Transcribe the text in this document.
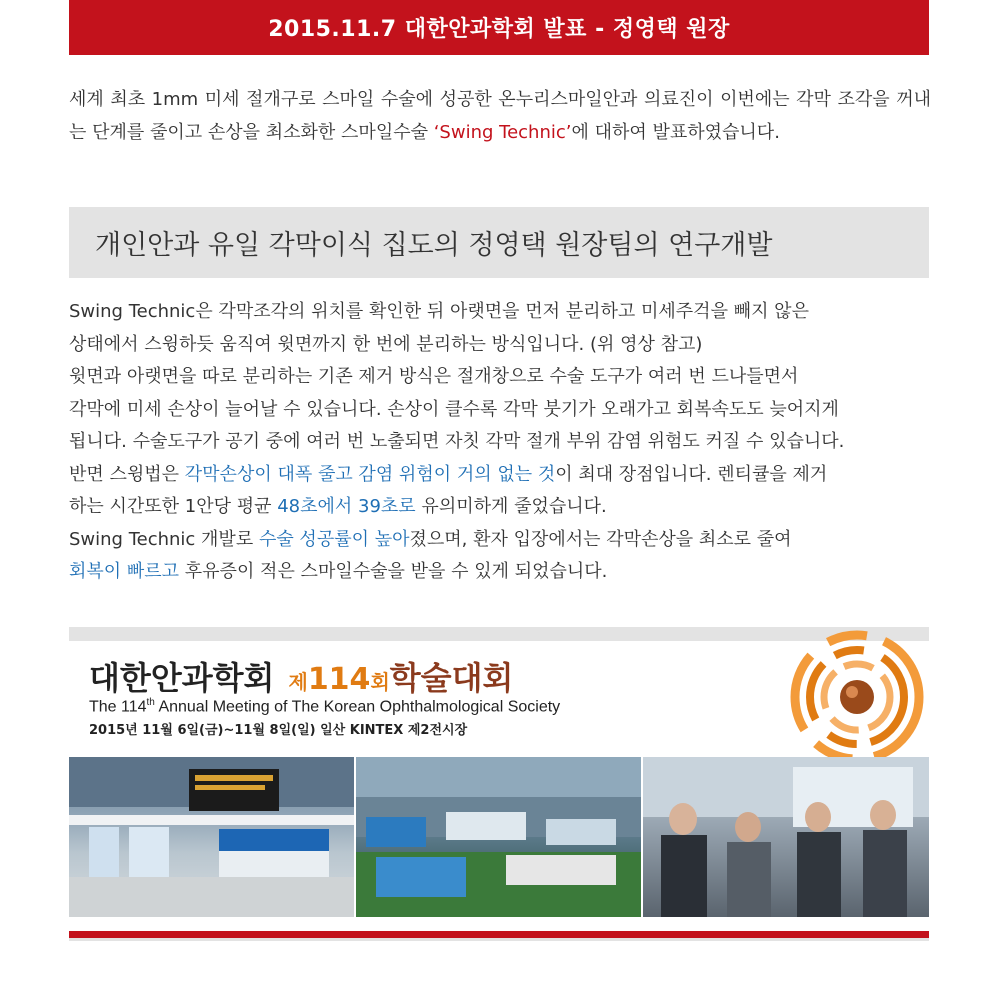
2015.11.7 대한안과학회 발표 - 정영택 원장
세계 최초 1mm 미세 절개구로 스마일 수술에 성공한 온누리스마일안과 의료진이 이번에는 각막 조각을 꺼내는 단계를 줄이고 손상을 최소화한 스마일수술 ‘Swing Technic’에 대하여 발표하였습니다.
개인안과 유일 각막이식 집도의 정영택 원장팀의 연구개발
Swing Technic은 각막조각의 위치를 확인한 뒤 아랫면을 먼저 분리하고 미세주걱을 빼지 않은
상태에서 스윙하듯 움직여 윗면까지 한 번에 분리하는 방식입니다. (위 영상 참고)
윗면과 아랫면을 따로 분리하는 기존 제거 방식은 절개창으로 수술 도구가 여러 번 드나들면서
각막에 미세 손상이 늘어날 수 있습니다. 손상이 클수록 각막 붓기가 오래가고 회복속도도 늦어지게
됩니다. 수술도구가 공기 중에 여러 번 노출되면 자칫 각막 절개 부위 감염 위험도 커질 수 있습니다.
반면 스윙법은 각막손상이 대폭 줄고 감염 위험이 거의 없는 것이 최대 장점입니다. 렌티큘을 제거
하는 시간또한 1안당 평균 48초에서 39초로 유의미하게 줄었습니다.
Swing Technic 개발로 수술 성공률이 높아졌으며, 환자 입장에서는 각막손상을 최소로 줄여
회복이 빠르고 후유증이 적은 스마일수술을 받을 수 있게 되었습니다.
대한안과학회 제114회학술대회
The 114th Annual Meeting of The Korean Ophthalmological Society
2015년 11월 6일(금)~11월 8일(일) 일산 KINTEX 제2전시장
